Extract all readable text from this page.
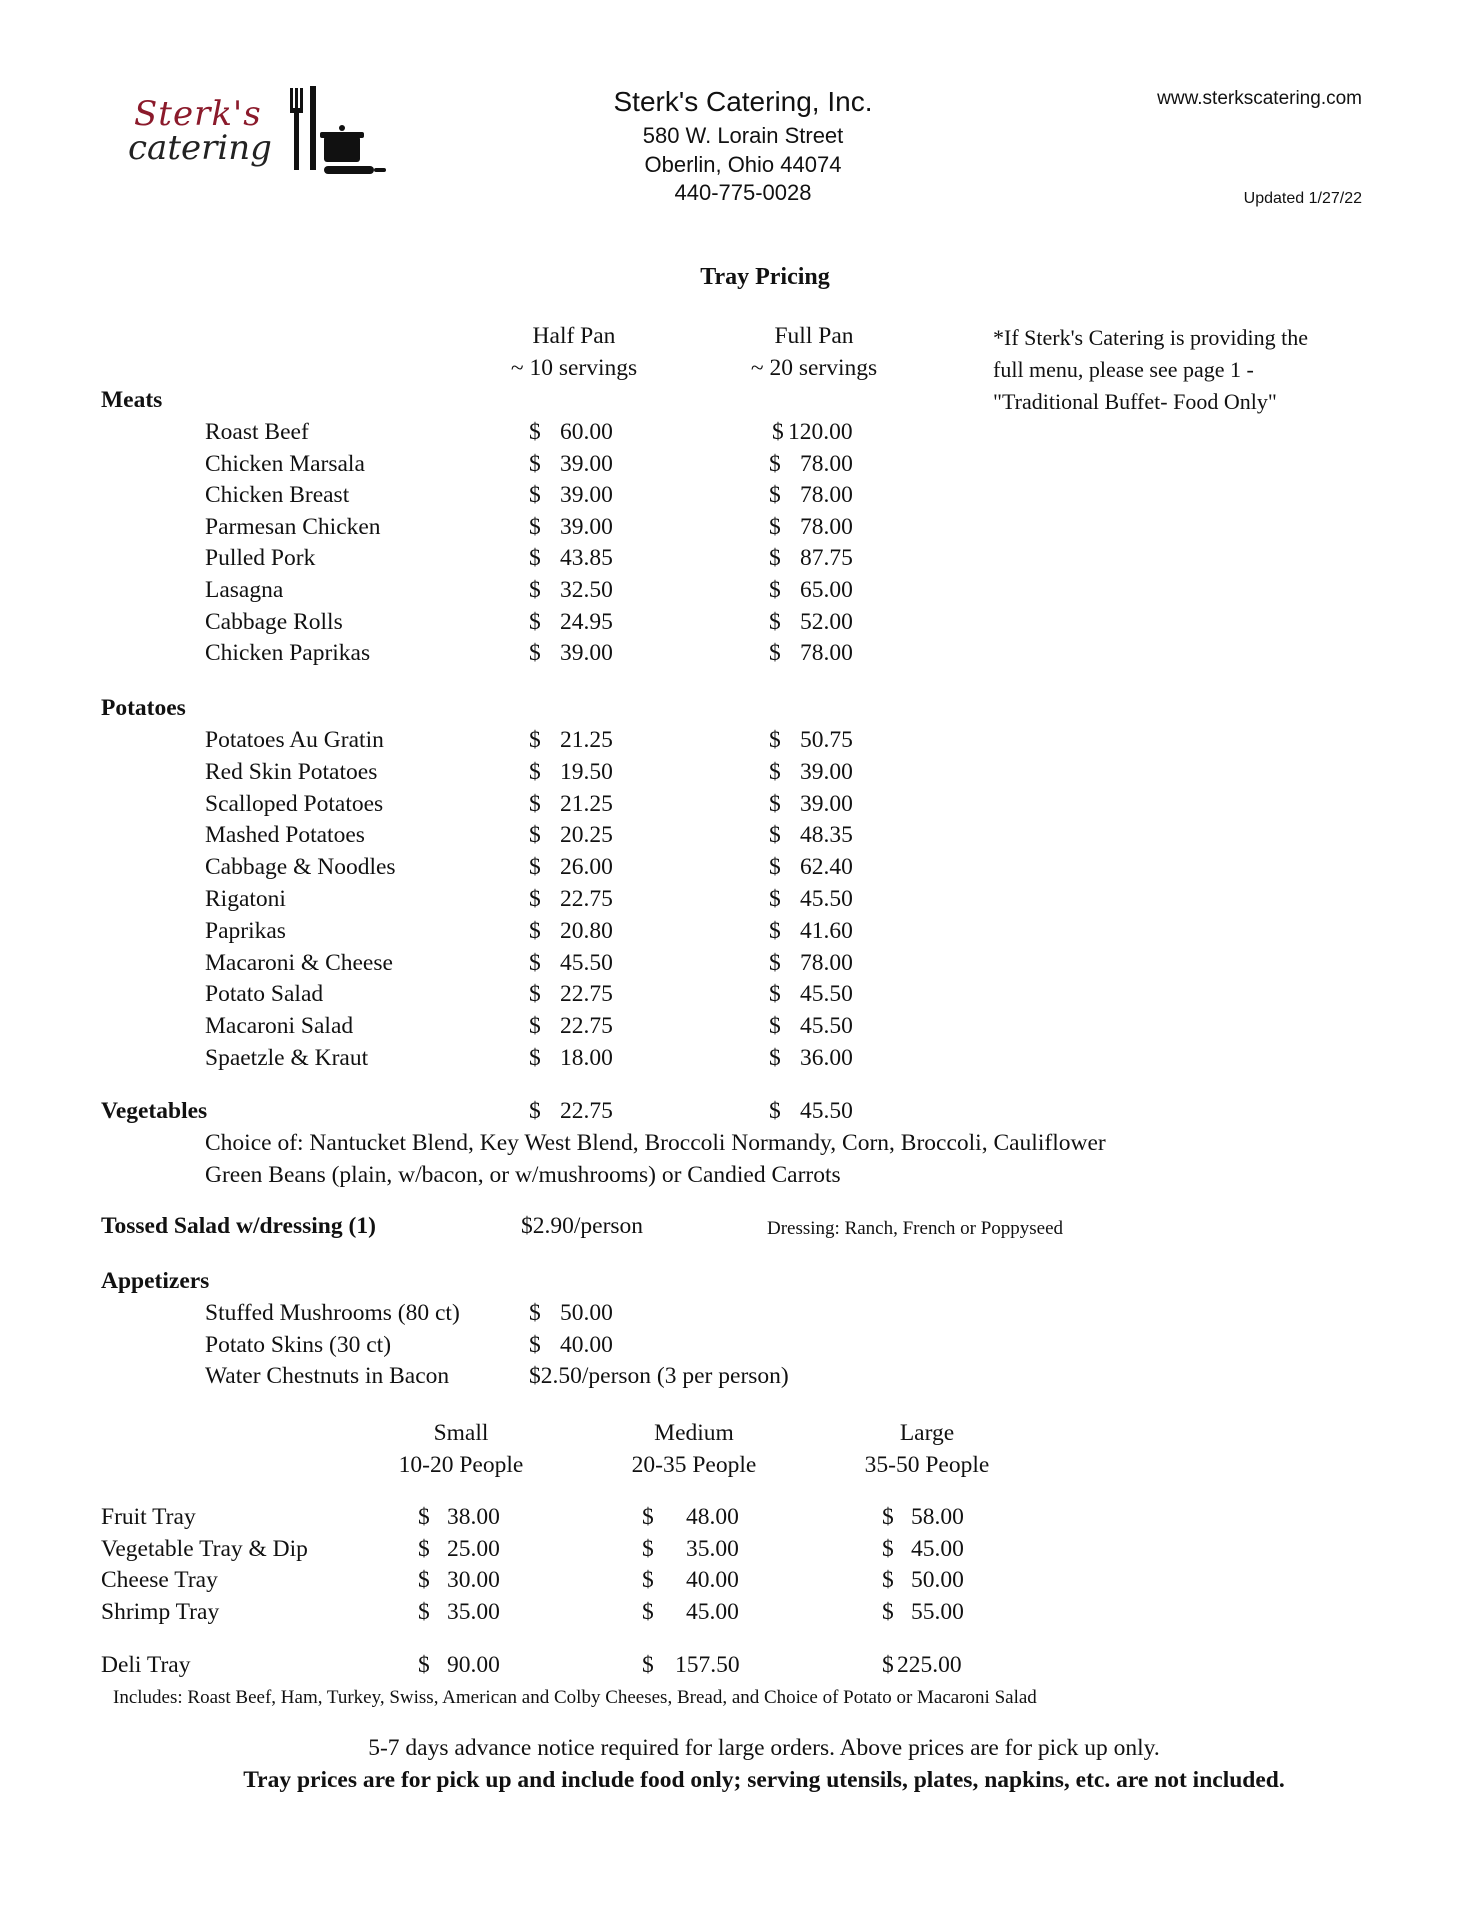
Sterk's
catering
Sterk's Catering, Inc.
580 W. Lorain Street
Oberlin, Ohio 44074
440-775-0028
www.sterkscatering.com
Updated 1/27/22
Tray Pricing
Half Pan
~ 10 servings
Full Pan
~ 20 servings
*If Sterk's Catering is providing the
full menu, please see page 1 -
"Traditional Buffet- Food Only"
Meats
Roast Beef	$ 60.00	$ 120.00
Chicken Marsala	$ 39.00	$ 78.00
Chicken Breast	$ 39.00	$ 78.00
Parmesan Chicken	$ 39.00	$ 78.00
Pulled Pork	$ 43.85	$ 87.75
Lasagna	$ 32.50	$ 65.00
Cabbage Rolls	$ 24.95	$ 52.00
Chicken Paprikas	$ 39.00	$ 78.00
Potatoes
Potatoes Au Gratin	$ 21.25	$ 50.75
Red Skin Potatoes	$ 19.50	$ 39.00
Scalloped Potatoes	$ 21.25	$ 39.00
Mashed Potatoes	$ 20.25	$ 48.35
Cabbage & Noodles	$ 26.00	$ 62.40
Rigatoni	$ 22.75	$ 45.50
Paprikas	$ 20.80	$ 41.60
Macaroni & Cheese	$ 45.50	$ 78.00
Potato Salad	$ 22.75	$ 45.50
Macaroni Salad	$ 22.75	$ 45.50
Spaetzle & Kraut	$ 18.00	$ 36.00
Vegetables	$ 22.75	$ 45.50
Choice of: Nantucket Blend, Key West Blend, Broccoli Normandy, Corn, Broccoli, Cauliflower
Green Beans (plain, w/bacon, or w/mushrooms) or Candied Carrots
Tossed Salad w/dressing (1)	$2.90/person	Dressing: Ranch, French or Poppyseed
Appetizers
Stuffed Mushrooms (80 ct)	$ 50.00
Potato Skins (30 ct)	$ 40.00
Water Chestnuts in Bacon	$2.50/person (3 per person)
Small
10-20 People
Medium
20-35 People
Large
35-50 People
Fruit Tray	$ 38.00	$ 48.00	$ 58.00
Vegetable Tray & Dip	$ 25.00	$ 35.00	$ 45.00
Cheese Tray	$ 30.00	$ 40.00	$ 50.00
Shrimp Tray	$ 35.00	$ 45.00	$ 55.00
Deli Tray	$ 90.00	$ 157.50	$ 225.00
Includes: Roast Beef, Ham, Turkey, Swiss, American and Colby Cheeses, Bread, and Choice of Potato or Macaroni Salad
5-7 days advance notice required for large orders. Above prices are for pick up only.
Tray prices are for pick up and include food only; serving utensils, plates, napkins, etc. are not included.
